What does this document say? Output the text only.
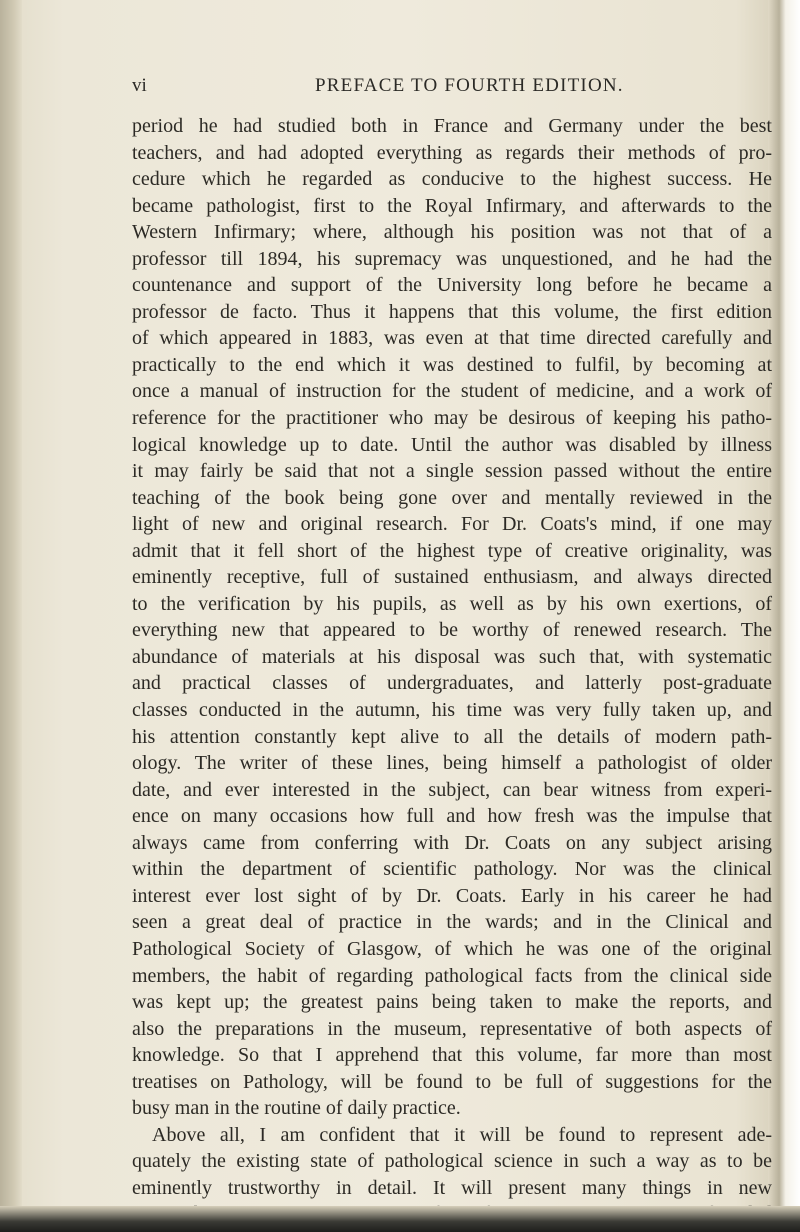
vi	PREFACE TO FOURTH EDITION.
period he had studied both in France and Germany under the best
teachers, and had adopted everything as regards their methods of pro-
cedure which he regarded as conducive to the highest success. He
became pathologist, first to the Royal Infirmary, and afterwards to the
Western Infirmary; where, although his position was not that of a
professor till 1894, his supremacy was unquestioned, and he had the
countenance and support of the University long before he became a
professor de facto. Thus it happens that this volume, the first edition
of which appeared in 1883, was even at that time directed carefully and
practically to the end which it was destined to fulfil, by becoming at
once a manual of instruction for the student of medicine, and a work of
reference for the practitioner who may be desirous of keeping his patho-
logical knowledge up to date. Until the author was disabled by illness
it may fairly be said that not a single session passed without the entire
teaching of the book being gone over and mentally reviewed in the
light of new and original research. For Dr. Coats's mind, if one may
admit that it fell short of the highest type of creative originality, was
eminently receptive, full of sustained enthusiasm, and always directed
to the verification by his pupils, as well as by his own exertions, of
everything new that appeared to be worthy of renewed research. The
abundance of materials at his disposal was such that, with systematic
and practical classes of undergraduates, and latterly post-graduate
classes conducted in the autumn, his time was very fully taken up, and
his attention constantly kept alive to all the details of modern path-
ology. The writer of these lines, being himself a pathologist of older
date, and ever interested in the subject, can bear witness from experi-
ence on many occasions how full and how fresh was the impulse that
always came from conferring with Dr. Coats on any subject arising
within the department of scientific pathology. Nor was the clinical
interest ever lost sight of by Dr. Coats. Early in his career he had
seen a great deal of practice in the wards; and in the Clinical and
Pathological Society of Glasgow, of which he was one of the original
members, the habit of regarding pathological facts from the clinical side
was kept up; the greatest pains being taken to make the reports, and
also the preparations in the museum, representative of both aspects of
knowledge. So that I apprehend that this volume, far more than most
treatises on Pathology, will be found to be full of suggestions for the
busy man in the routine of daily practice.
Above all, I am confident that it will be found to represent ade-
quately the existing state of pathological science in such a way as to be
eminently trustworthy in detail. It will present many things in new
